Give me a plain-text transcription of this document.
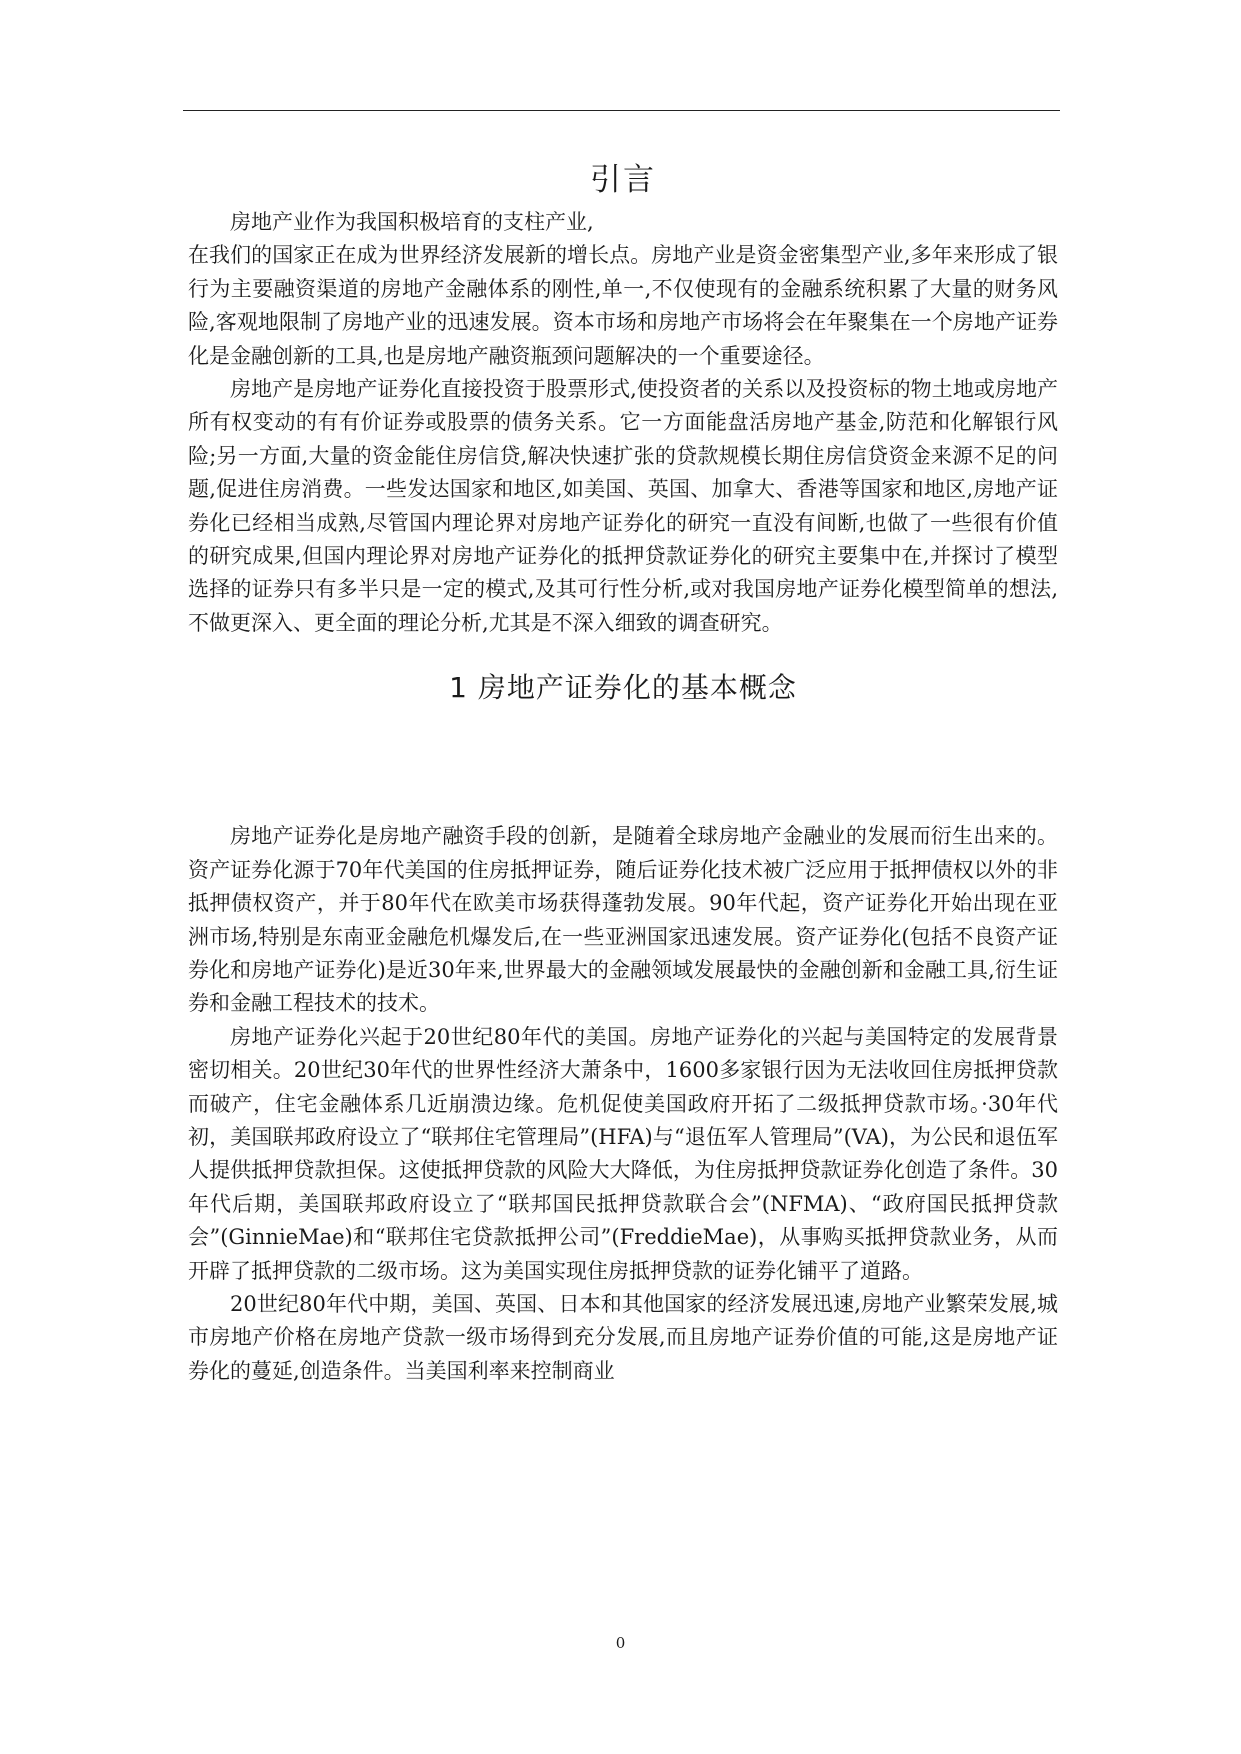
引言

房地产业作为我国积极培育的支柱产业,

在我们的国家正在成为世界经济发展新的增长点。房地产业是资金密集型产业,多年来形成了银行为主要融资渠道的房地产金融体系的刚性,单一,不仅使现有的金融系统积累了大量的财务风险,客观地限制了房地产业的迅速发展。资本市场和房地产市场将会在年聚集在一个房地产证券化是金融创新的工具,也是房地产融资瓶颈问题解决的一个重要途径。

房地产是房地产证券化直接投资于股票形式,使投资者的关系以及投资标的物土地或房地产所有权变动的有有价证券或股票的债务关系。它一方面能盘活房地产基金,防范和化解银行风险;另一方面,大量的资金能住房信贷,解决快速扩张的贷款规模长期住房信贷资金来源不足的问题,促进住房消费。一些发达国家和地区,如美国、英国、加拿大、香港等国家和地区,房地产证券化已经相当成熟,尽管国内理论界对房地产证券化的研究一直没有间断,也做了一些很有价值的研究成果,但国内理论界对房地产证券化的抵押贷款证券化的研究主要集中在,并探讨了模型选择的证券只有多半只是一定的模式,及其可行性分析,或对我国房地产证券化模型简单的想法,不做更深入、更全面的理论分析,尤其是不深入细致的调查研究。

1 房地产证券化的基本概念

房地产证券化是房地产融资手段的创新，是随着全球房地产金融业的发展而衍生出来的。资产证券化源于70年代美国的住房抵押证券，随后证券化技术被广泛应用于抵押债权以外的非抵押债权资产，并于80年代在欧美市场获得蓬勃发展。90年代起，资产证券化开始出现在亚洲市场,特别是东南亚金融危机爆发后,在一些亚洲国家迅速发展。资产证券化(包括不良资产证券化和房地产证券化)是近30年来,世界最大的金融领域发展最快的金融创新和金融工具,衍生证券和金融工程技术的技术。

房地产证券化兴起于20世纪80年代的美国。房地产证券化的兴起与美国特定的发展背景密切相关。20世纪30年代的世界性经济大萧条中，1600多家银行因为无法收回住房抵押贷款而破产，住宅金融体系几近崩溃边缘。危机促使美国政府开拓了二级抵押贷款市场。·30年代初，美国联邦政府设立了“联邦住宅管理局”(HFA)与“退伍军人管理局”(VA)，为公民和退伍军人提供抵押贷款担保。这使抵押贷款的风险大大降低，为住房抵押贷款证券化创造了条件。30年代后期，美国联邦政府设立了“联邦国民抵押贷款联合会”(NFMA)、“政府国民抵押贷款会”(GinnieMae)和“联邦住宅贷款抵押公司”(FreddieMae)，从事购买抵押贷款业务，从而开辟了抵押贷款的二级市场。这为美国实现住房抵押贷款的证券化铺平了道路。

20世纪80年代中期，美国、英国、日本和其他国家的经济发展迅速,房地产业繁荣发展,城市房地产价格在房地产贷款一级市场得到充分发展,而且房地产证券价值的可能,这是房地产证券化的蔓延,创造条件。当美国利率来控制商业

0
